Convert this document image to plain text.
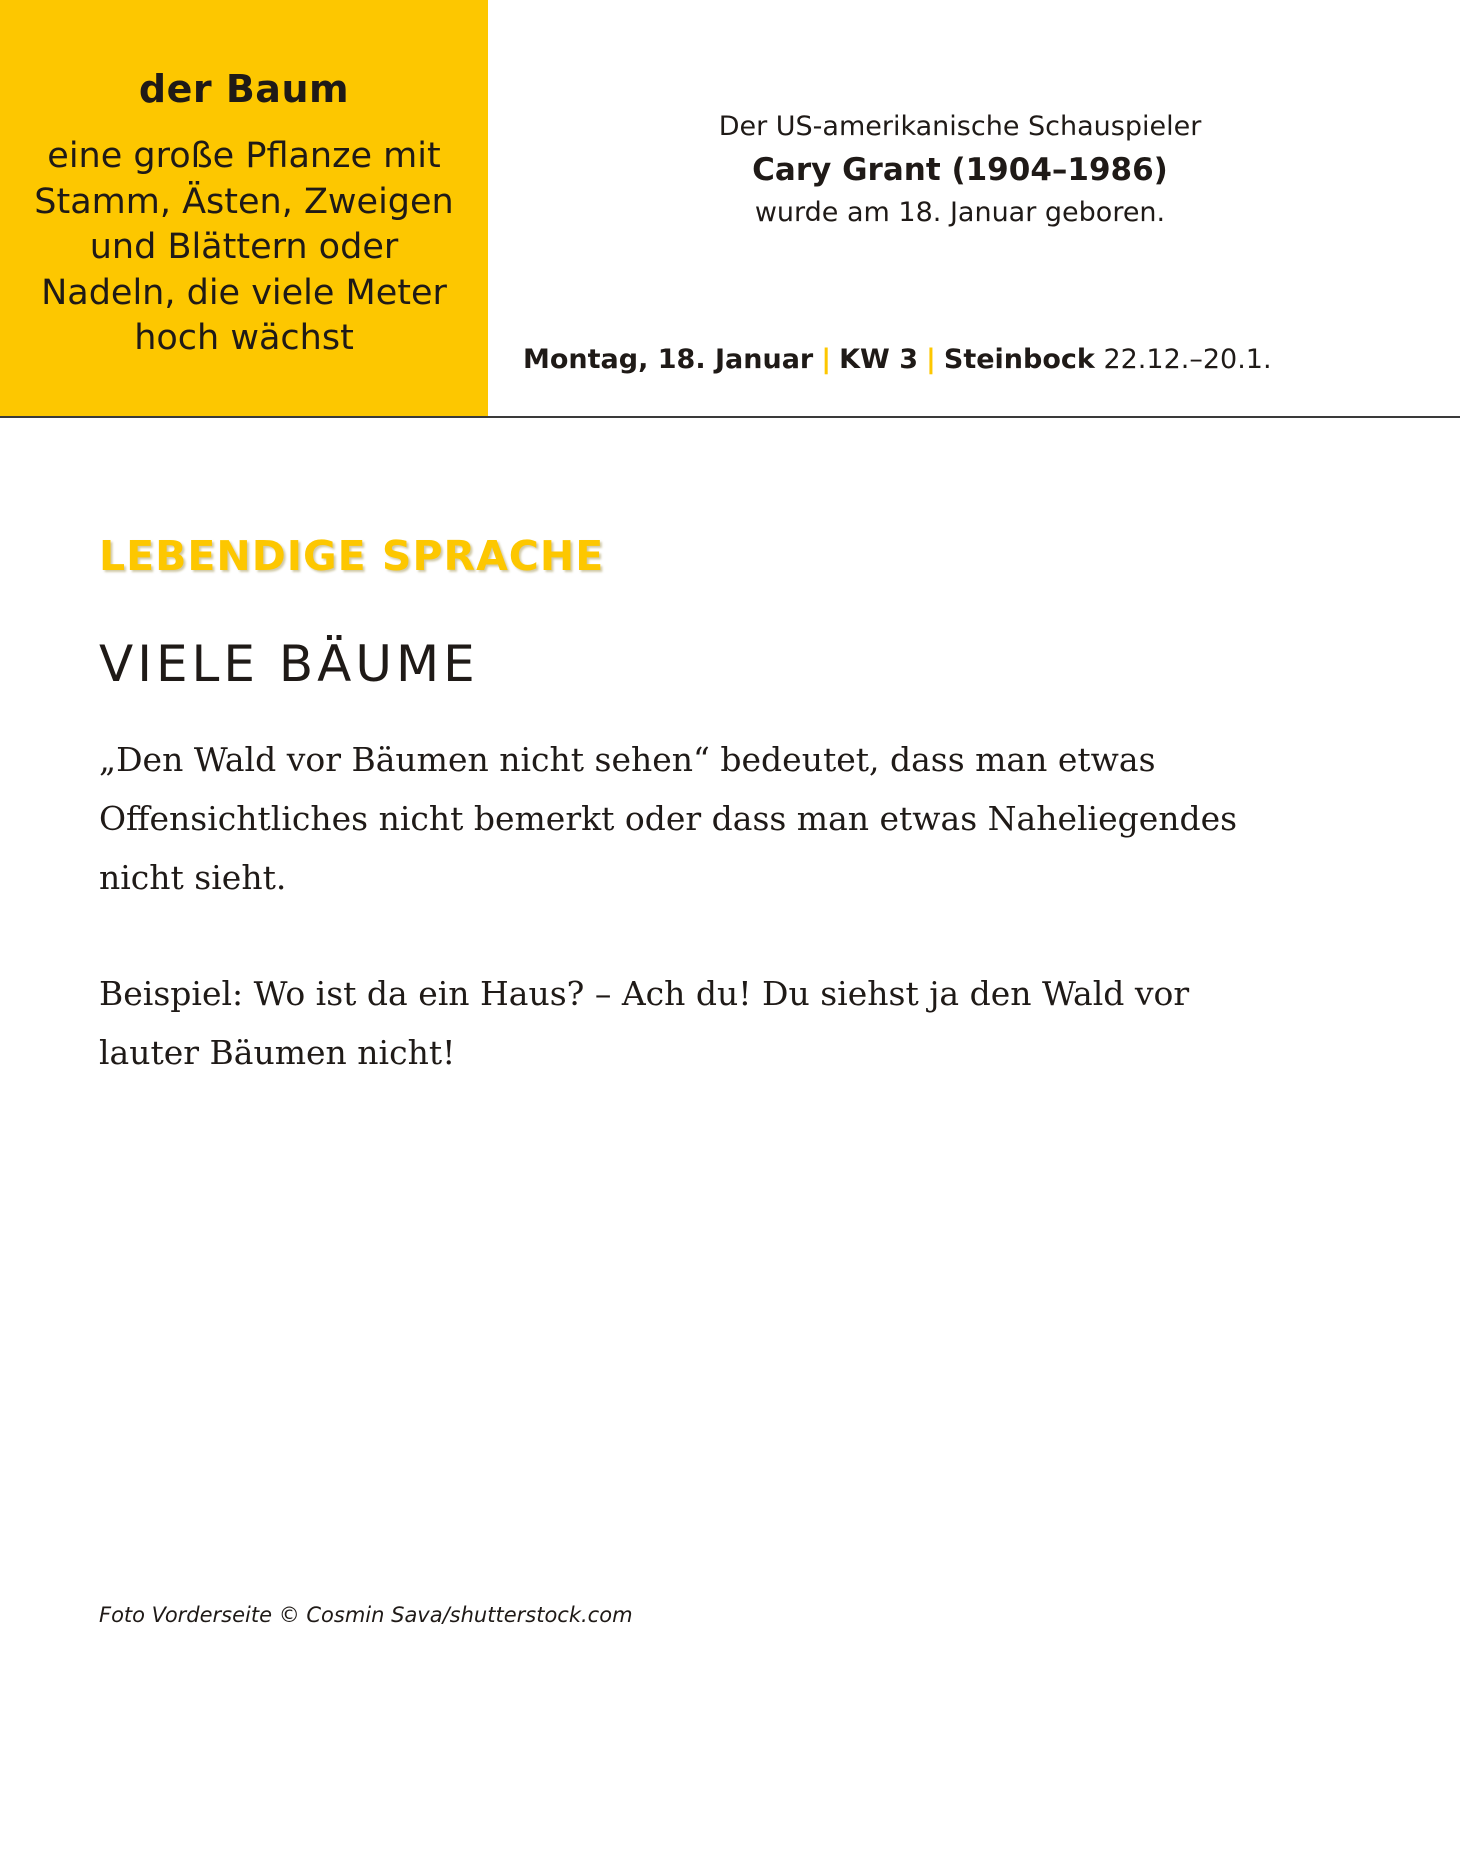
der Baum
eine große Pflanze mit
Stamm, Ästen, Zweigen
und Blättern oder
Nadeln, die viele Meter
hoch wächst
Der US-amerikanische Schauspieler
Cary Grant (1904–1986)
wurde am 18. Januar geboren.
Montag, 18. Januar | KW 3 | Steinbock 22.12.–20.1.
LEBENDIGE SPRACHE
VIELE BÄUME

„Den Wald vor Bäumen nicht sehen“ bedeutet, dass man etwas
Offensichtliches nicht bemerkt oder dass man etwas Naheliegendes
nicht sieht.

Beispiel: Wo ist da ein Haus? – Ach du! Du siehst ja den Wald vor
lauter Bäumen nicht!

Foto Vorderseite © Cosmin Sava/shutterstock.com
